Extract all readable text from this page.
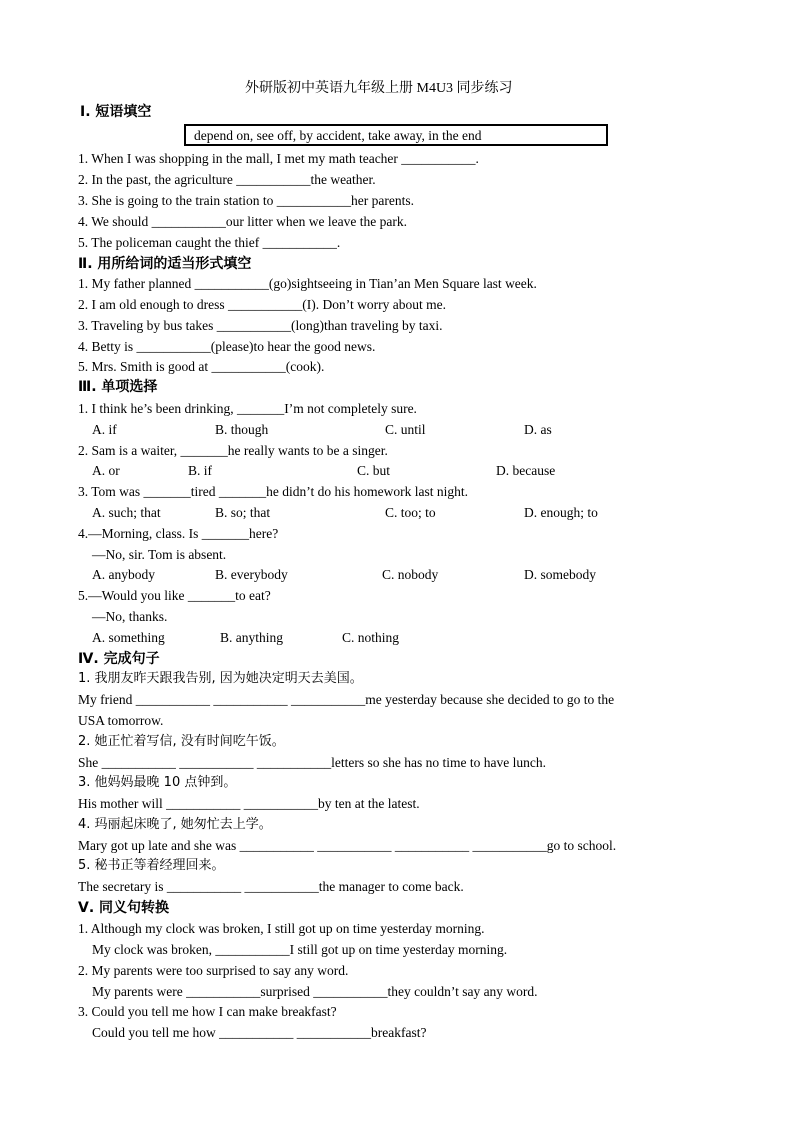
外研版初中英语九年级上册 M4U3 同步练习
Ⅰ. 短语填空
depend on, see off, by accident, take away, in the end
1. When I was shopping in the mall, I met my math teacher ___________.
2. In the past, the agriculture ___________the weather.
3. She is going to the train station to ___________her parents.
4. We should ___________our litter when we leave the park.
5. The policeman caught the thief ___________.
Ⅱ. 用所给词的适当形式填空
1. My father planned ___________(go)sightseeing in Tian’an Men Square last week.
2. I am old enough to dress ___________(I). Don’t worry about me.
3. Traveling by bus takes ___________(long)than traveling by taxi.
4. Betty is ___________(please)to hear the good news.
5. Mrs. Smith is good at ___________(cook).
Ⅲ. 单项选择
1. I think he’s been drinking, _______I’m not completely sure.
A. if	B. though	C. until	D. as
2. Sam is a waiter, _______he really wants to be a singer.
A. or	B. if	C. but	D. because
3. Tom was _______tired _______he didn’t do his homework last night.
A. such; that	B. so; that	C. too; to	D. enough; to
4.—Morning, class. Is _______here?
—No, sir. Tom is absent.
A. anybody	B. everybody	C. nobody	D. somebody
5.—Would you like _______to eat?
—No, thanks.
A. something	B. anything	C. nothing
Ⅳ. 完成句子
1. 我朋友昨天跟我告别, 因为她决定明天去美国。
My friend ___________ ___________ ___________me yesterday because she decided to go to the
USA tomorrow.
2. 她正忙着写信, 没有时间吃午饭。
She ___________ ___________ ___________letters so she has no time to have lunch.
3. 他妈妈最晚 10 点钟到。
His mother will ___________ ___________by ten at the latest.
4. 玛丽起床晚了, 她匆忙去上学。
Mary got up late and she was ___________ ___________ ___________ ___________go to school.
5. 秘书正等着经理回来。
The secretary is ___________ ___________the manager to come back.
Ⅴ. 同义句转换
1. Although my clock was broken, I still got up on time yesterday morning.
My clock was broken, ___________I still got up on time yesterday morning.
2. My parents were too surprised to say any word.
My parents were ___________surprised ___________they couldn’t say any word.
3. Could you tell me how I can make breakfast?
Could you tell me how ___________ ___________breakfast?
